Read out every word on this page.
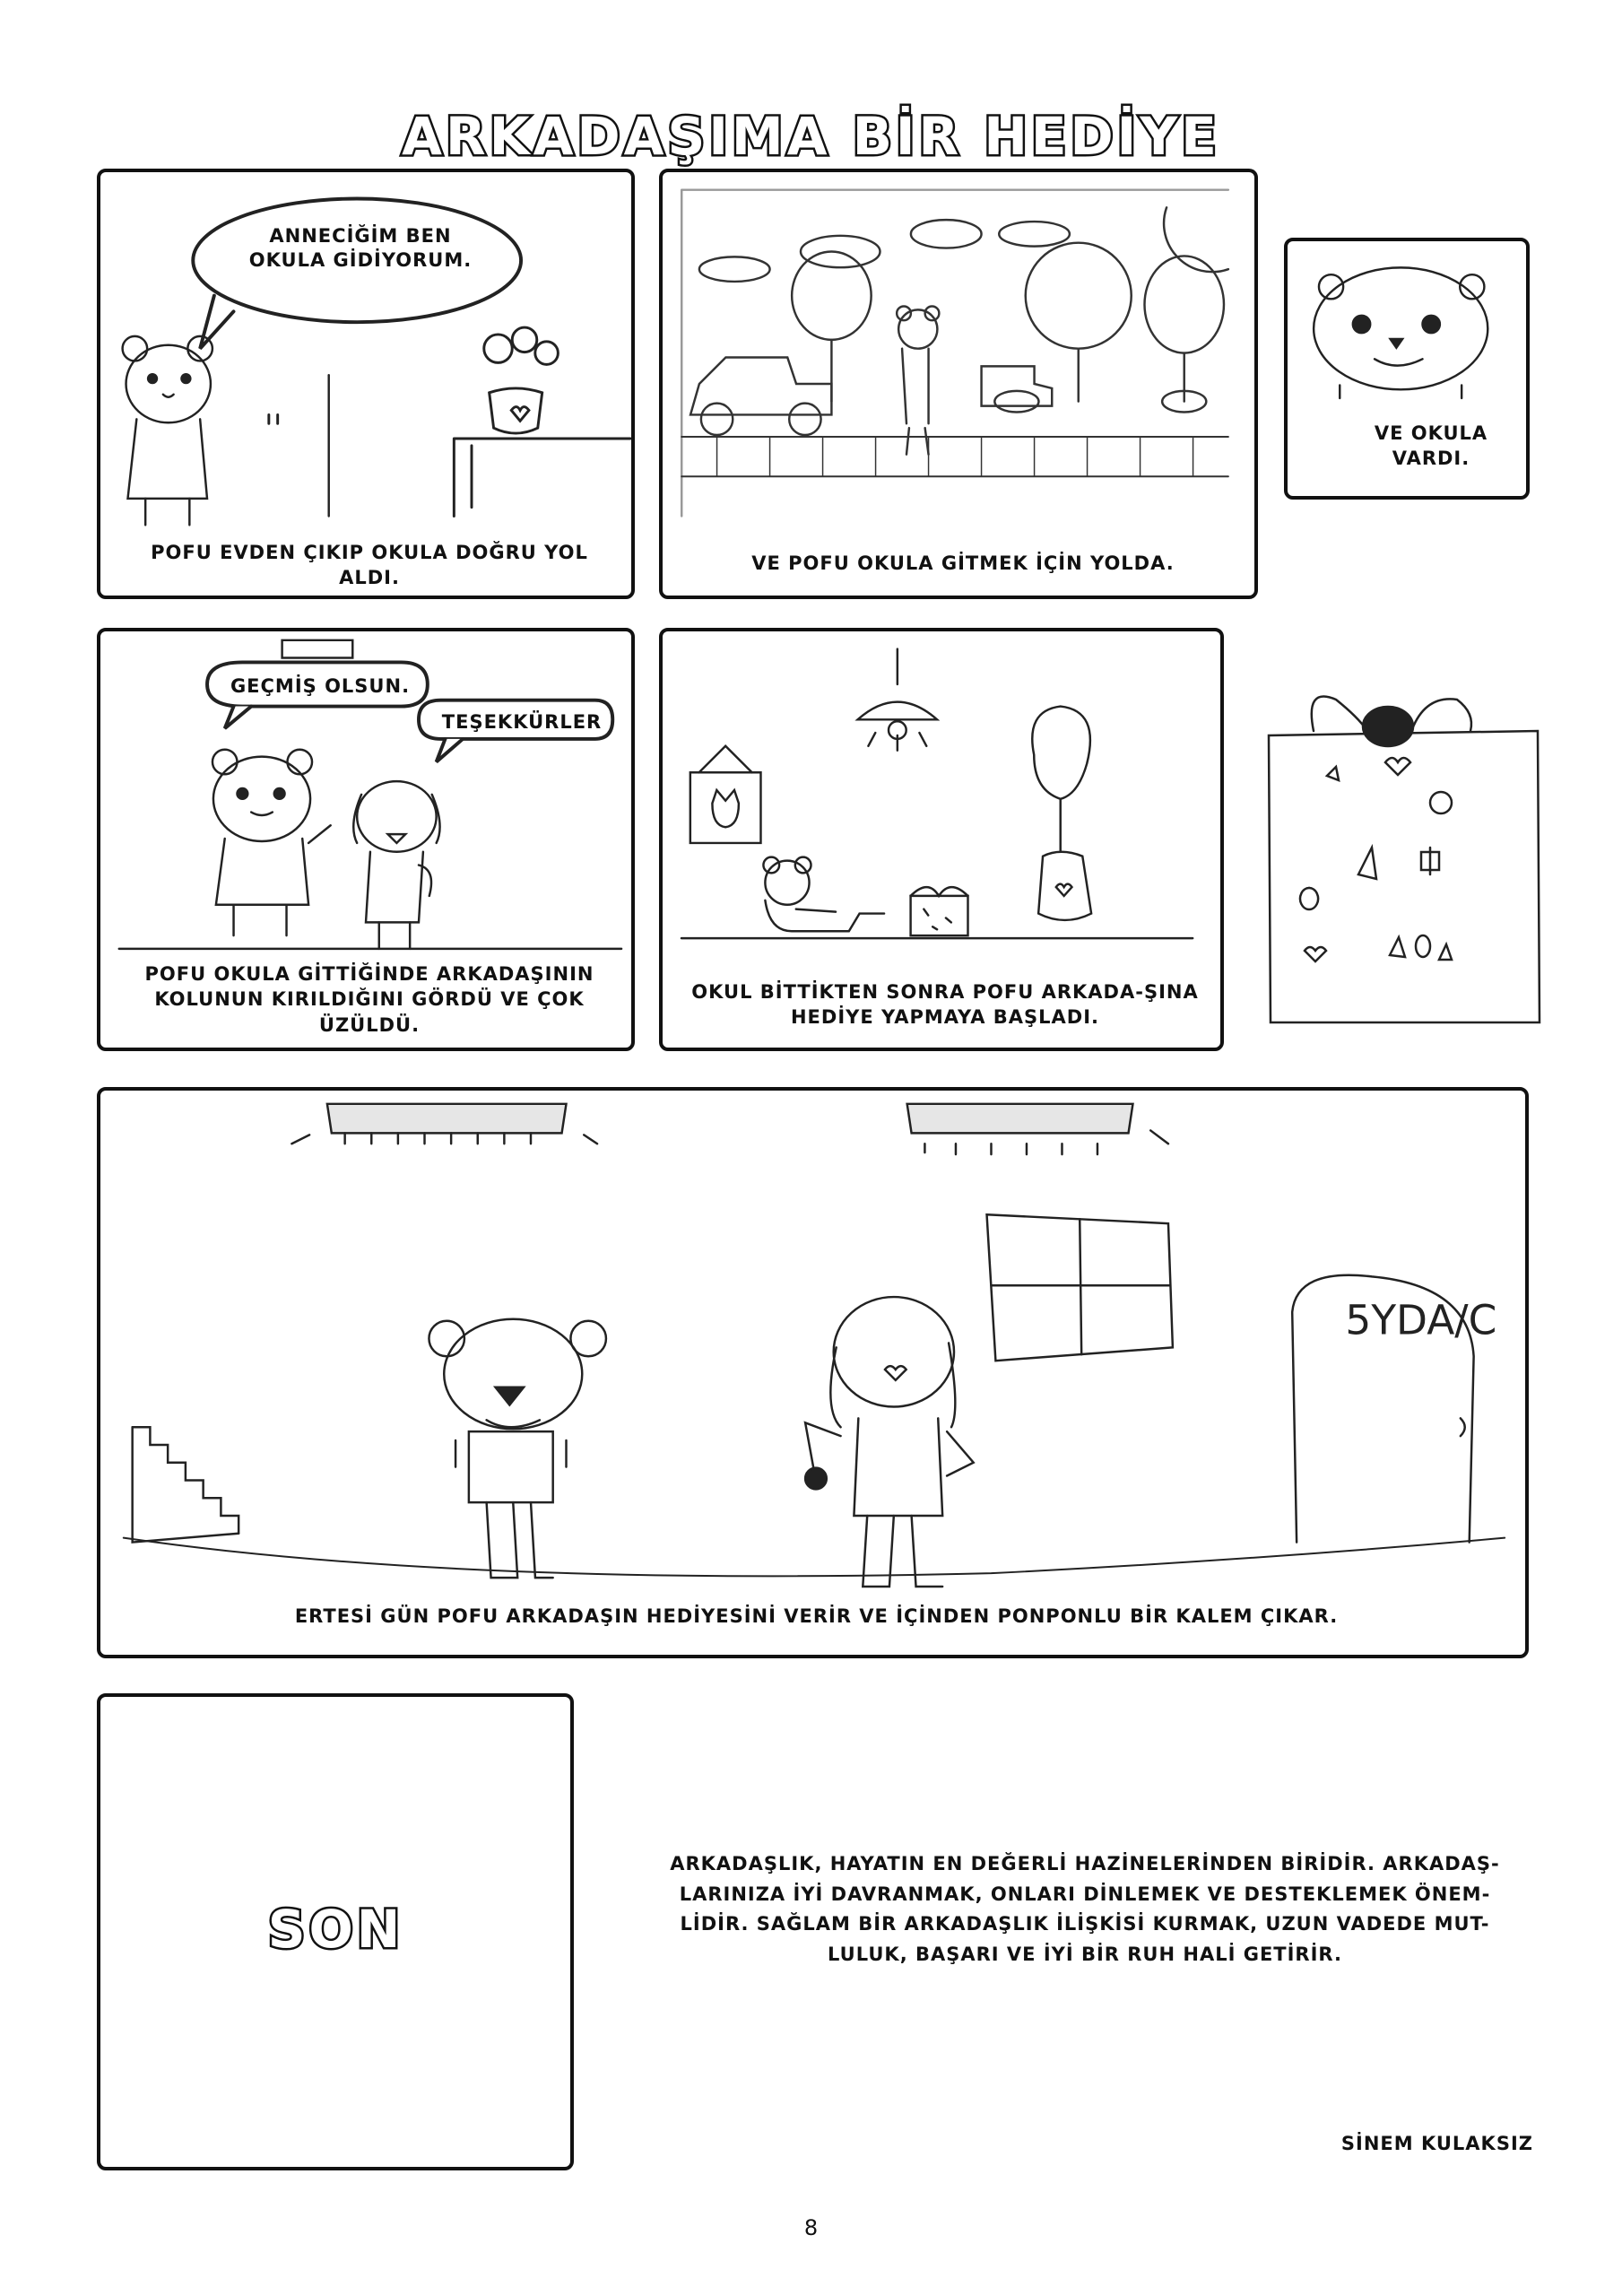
ARKADAŞIMA BİR HEDİYE
ANNECİĞİM BEN OKULA GİDİYORUM.
POFU EVDEN ÇIKIP OKULA DOĞRU YOL ALDI.
VE POFU OKULA GİTMEK İÇİN YOLDA.
VE OKULA VARDI.
GEÇMİŞ OLSUN.
TEŞEKKÜRLER
POFU OKULA GİTTİĞİNDE ARKADAŞININ KOLUNUN KIRILDIĞINI GÖRDÜ VE ÇOK ÜZÜLDÜ.
OKUL BİTTİKTEN SONRA POFU ARKADA-ŞINA HEDİYE YAPMAYA BAŞLADI.
5YDA/C
ERTESİ GÜN POFU ARKADAŞIN HEDİYESİNİ VERİR VE İÇİNDEN PONPONLU BİR KALEM ÇIKAR.
SON
ARKADAŞLIK, HAYATIN EN DEĞERLİ HAZİNELERİNDEN BİRİDİR. ARKADAŞ-LARINIZA İYİ DAVRANMAK, ONLARI DİNLEMEK VE DESTEKLEMEK ÖNEM-LİDİR. SAĞLAM BİR ARKADAŞLIK İLİŞKİSİ KURMAK, UZUN VADEDE MUT-LULUK, BAŞARI VE İYİ BİR RUH HALİ GETİRİR.
SİNEM KULAKSIZ
8
